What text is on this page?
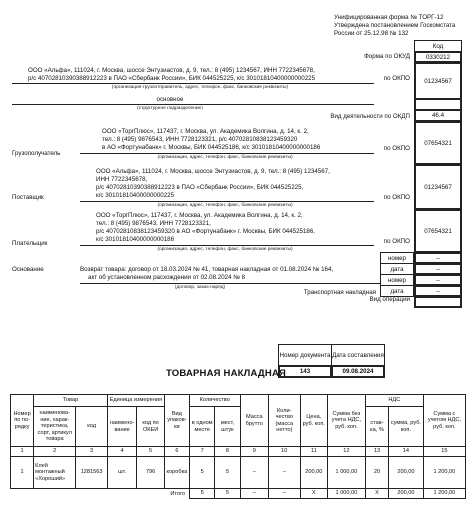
Унифицированная форма № ТОРГ-12
Утверждена постановлением Госкомстата
России от 25.12.98 № 132
Код
0330212
Форма по ОКУД
ООО «Альфа», 111024, г. Москва, шоссе Энтузиастов, д. 9, тел.: 8 (495) 1234567, ИНН 7722345678,
р/с 40702810390388912223 в ПАО «Сбербанк России», БИК 044525225, к/с 30101810400000000225	по ОКПО	01234567
(организация-грузоотправитель, адрес, телефон, факс, банковские реквизиты)
основное
(структурное подразделение)
Вид деятельности по ОКДП	46.4
Грузополучатель
ООО «ТоргПлюс», 117437, г. Москва, ул. Академика Волгина, д. 14, к. 2,
тел.: 8 (495) 9876543, ИНН 7728123321, р/с 40702810838123459320
в АО «Фортунабанк» г. Москвы, БИК 044525186, к/с 30101810400000000186
(организация, адрес, телефон, факс, банковские реквизиты)
по ОКПО
07654321
Поставщик
ООО «Альфа», 111024, г. Москва, шоссе Энтузиастов, д. 9, тел.: 8 (495) 1234567,
ИНН 7722345678,
р/с 40702810390388912223 в ПАО «Сбербанк России», БИК 044525225,
к/с 30101810400000000225
(организация, адрес, телефон, факс, банковские реквизиты)
по ОКПО
01234567
Плательщик
ООО «ТоргПлюс», 117437, г. Москва, ул. Академика Волгина, д. 14, к. 2,
тел.: 8 (495) 9876543, ИНН 7728123321,
р/с 40702810838123459320 в АО «Фортунабанк» г. Москвы, БИК 044525186,
к/с 30101810400000000186
(организация, адрес, телефон, факс, банковские реквизиты)
по ОКПО
07654321
Основание	Возврат товара: договор от 18.03.2024 № 41, товарная накладная от 01.08.2024 № 164,
акт об установленном расхождении от 02.08.2024 № 8
(договор, заказ-наряд)
номер	–
дата	–
Транспортная накладная
номер	–
дата	–
Вид операции
Номер документа Дата составления
143	09.08.2024
ТОВАРНАЯ НАКЛАДНАЯ
Номер по по-рядку	Товар		Единица измерения		Вид упаков-ки	Количество		Масса брутто	Коли-чество (масса нетто)	Цена, руб. коп.	Сумма без учета НДС, руб. коп.	НДС		Сумма с учетом НДС, руб. коп.
	наименова-ние, харак-теристика, сорт, артикул товара	код	наимено-вание	код по ОКЕИ		в одном месте	мест, штук					став-ка, %	сумма, руб. коп.	
1	2	3	4	5	6	7	8	9	10	11	12	13	14	15
1	Клей монтажный «Хороший»	1281563	шт.	796	коробка	5	5	–	–	200,00	1 000,00	20	200,00	1 200,00
Итого						5	5	–	–	Х	1 000,00	Х	200,00	1 200,00
